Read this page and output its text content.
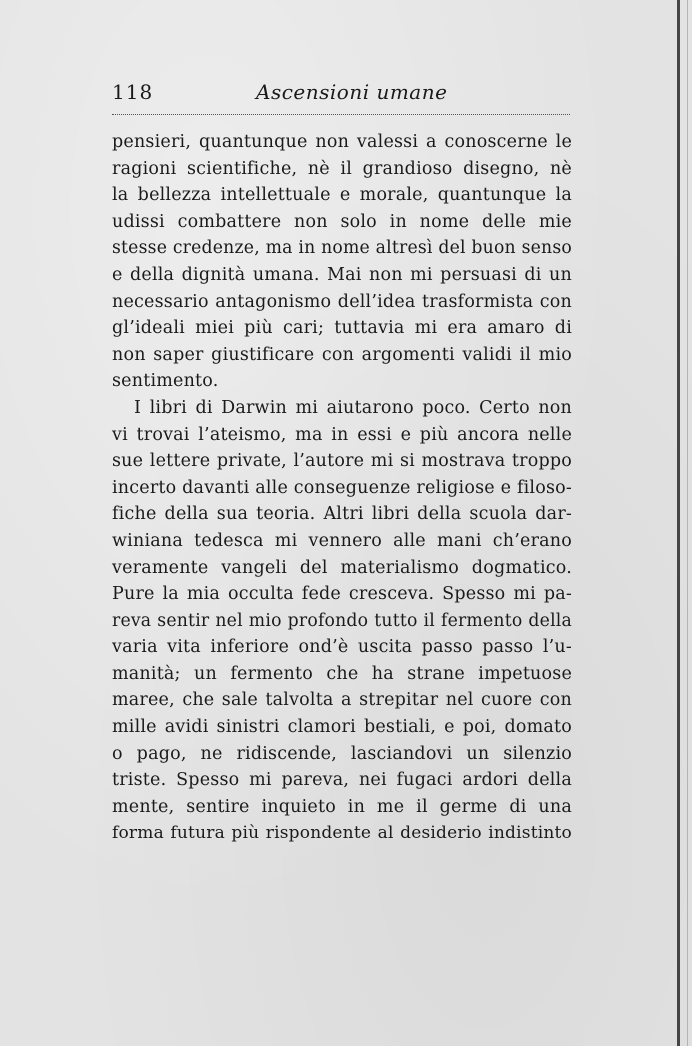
118	Ascensioni umane
pensieri, quantunque non valessi a conoscerne le
ragioni scientifiche, nè il grandioso disegno, nè
la bellezza intellettuale e morale, quantunque la
udissi combattere non solo in nome delle mie
stesse credenze, ma in nome altresì del buon senso
e della dignità umana. Mai non mi persuasi di un
necessario antagonismo dell’idea trasformista con
gl’ideali miei più cari; tuttavia mi era amaro di
non saper giustificare con argomenti validi il mio
sentimento.
I libri di Darwin mi aiutarono poco. Certo non
vi trovai l’ateismo, ma in essi e più ancora nelle
sue lettere private, l’autore mi si mostrava troppo
incerto davanti alle conseguenze religiose e filoso-
fiche della sua teoria. Altri libri della scuola dar-
winiana tedesca mi vennero alle mani ch’erano
veramente vangeli del materialismo dogmatico.
Pure la mia occulta fede cresceva. Spesso mi pa-
reva sentir nel mio profondo tutto il fermento della
varia vita inferiore ond’è uscita passo passo l’u-
manità; un fermento che ha strane impetuose
maree, che sale talvolta a strepitar nel cuore con
mille avidi sinistri clamori bestiali, e poi, domato
o pago, ne ridiscende, lasciandovi un silenzio
triste. Spesso mi pareva, nei fugaci ardori della
mente, sentire inquieto in me il germe di una
forma futura più rispondente al desiderio indistinto
